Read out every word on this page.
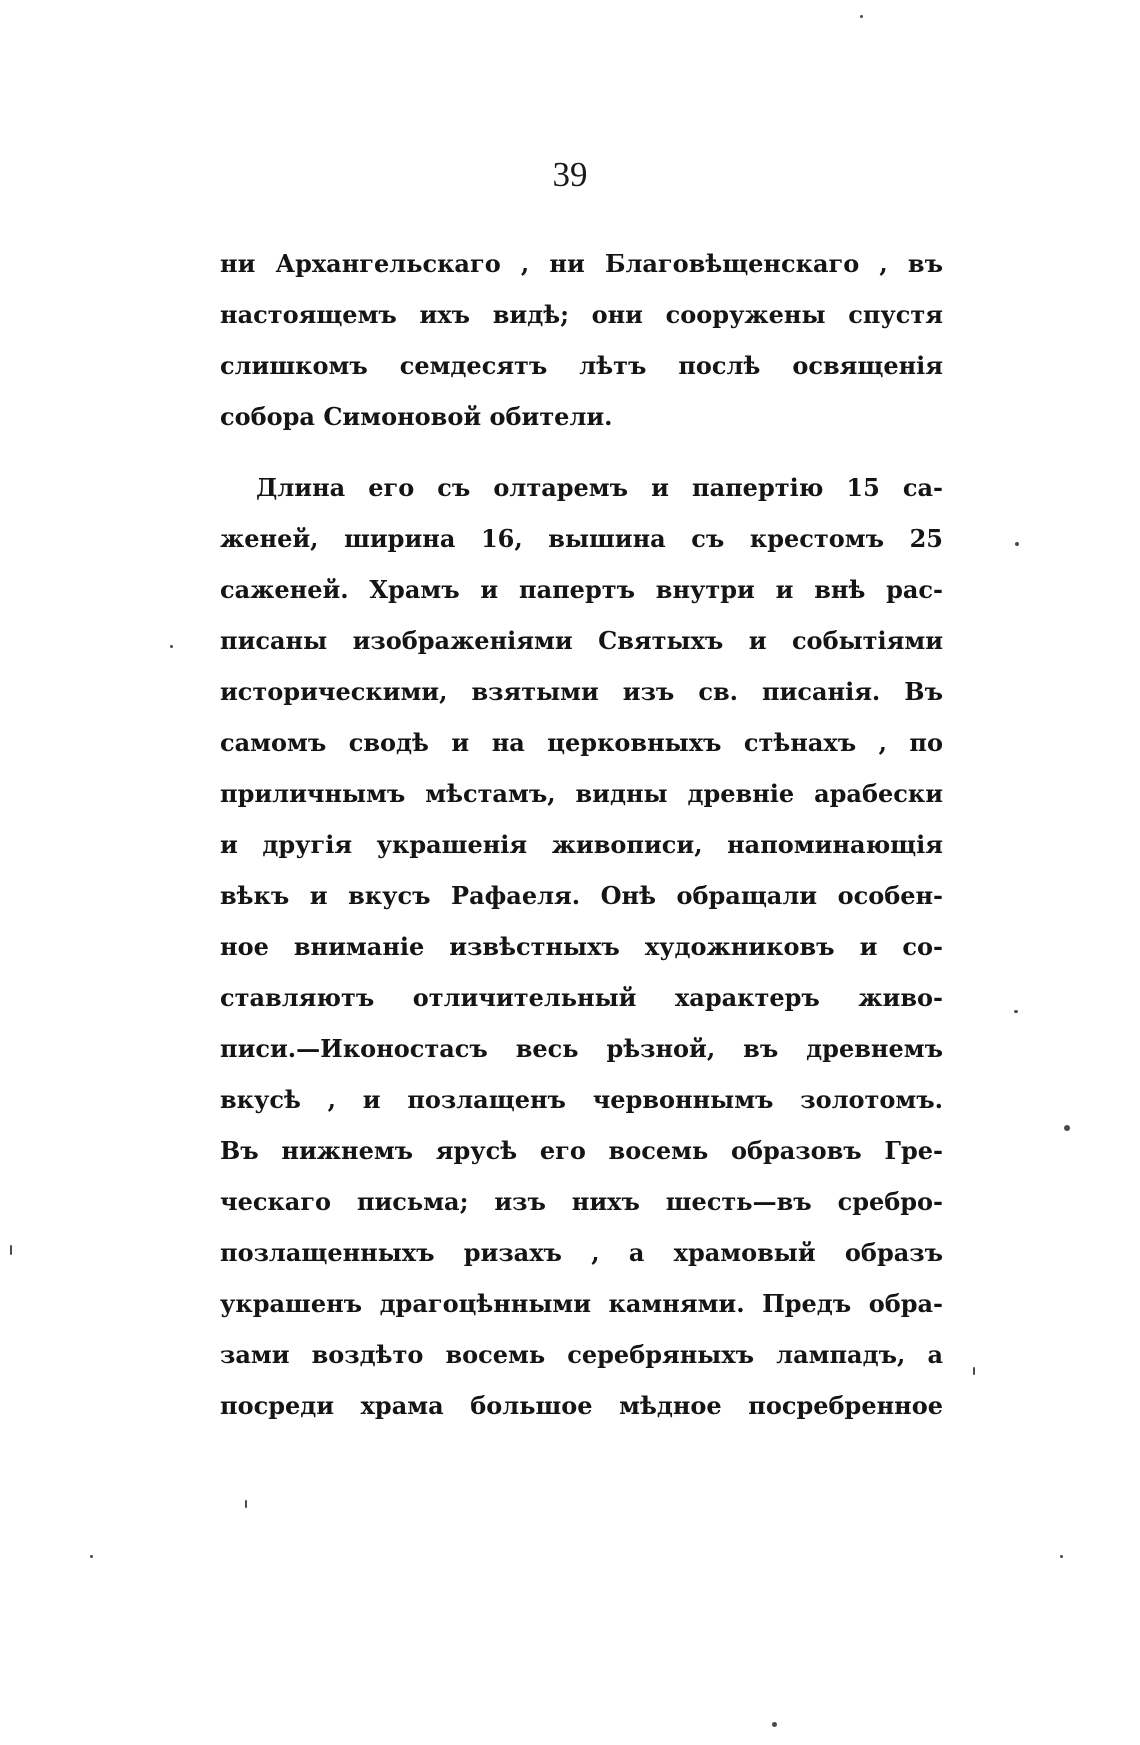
39
ни Архангельскаго , ни Благовѣщенскаго , въ
настоящемъ ихъ видѣ; они сооружены спустя
слишкомъ семдесятъ лѣтъ послѣ освященія
собора Симоновой обители.
Длина его съ олтаремъ и папертію 15 са-
женей, ширина 16, вышина съ крестомъ 25
саженей. Храмъ и папертъ внутри и внѣ рас-
писаны изображеніями Святыхъ и событіями
историческими, взятыми изъ св. писанія. Въ
самомъ сводѣ и на церковныхъ стѣнахъ , по
приличнымъ мѣстамъ, видны древніе арабески
и другія украшенія живописи, напоминающія
вѣкъ и вкусъ Рафаеля. Онѣ обращали особен-
ное вниманіе извѣстныхъ художниковъ и со-
ставляютъ отличительный характеръ живо-
писи.—Иконостасъ весь рѣзной, въ древнемъ
вкусѣ , и позлащенъ червоннымъ золотомъ.
Въ нижнемъ ярусѣ его восемь образовъ Гре-
ческаго письма; изъ нихъ шесть—въ сребро-
позлащенныхъ ризахъ , а храмовый образъ
украшенъ драгоцѣнными камнями. Предъ обра-
зами воздѣто восемь серебряныхъ лампадъ, а
посреди храма большое мѣдное посребренное
